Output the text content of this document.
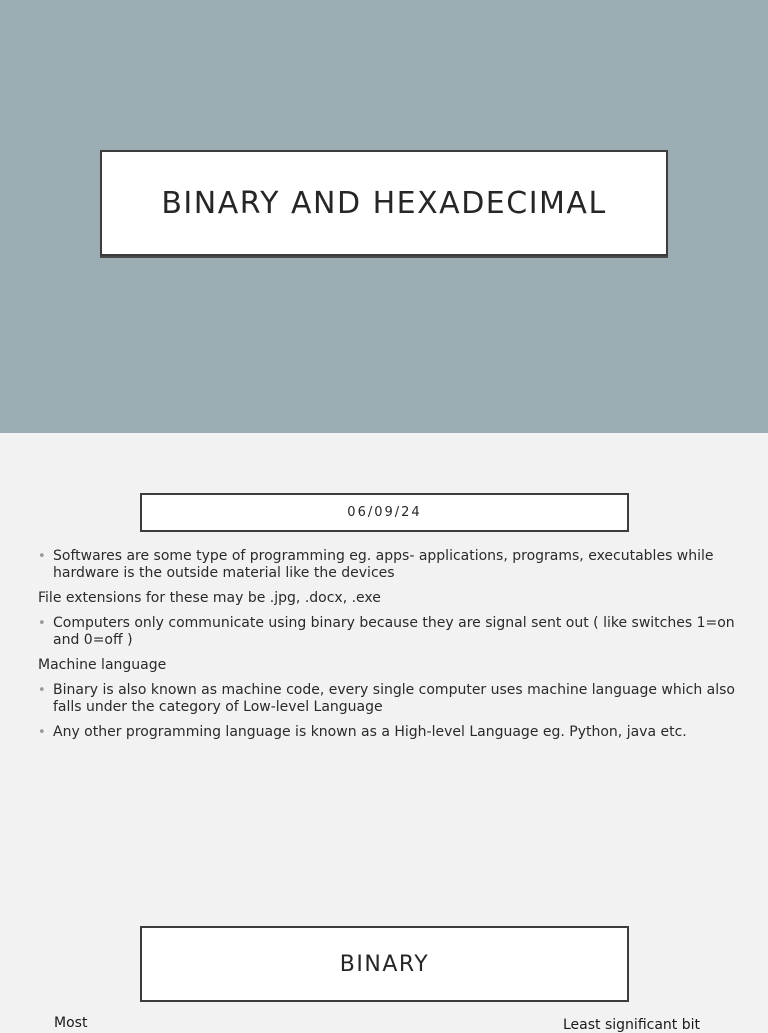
BINARY AND HEXADECIMAL
06/09/24

• Softwares are some type of programming eg. apps- applications, programs, executables while hardware is the outside material like the devices

File extensions for these may be .jpg, .docx, .exe

• Computers only communicate using binary because they are signal sent out ( like switches 1=on and 0=off )

Machine language

• Binary is also known as machine code, every single computer uses machine language which also falls under the category of Low-level Language

• Any other programming language is known as a High-level Language eg. Python, java etc.

BINARY
Most	Least significant bit
